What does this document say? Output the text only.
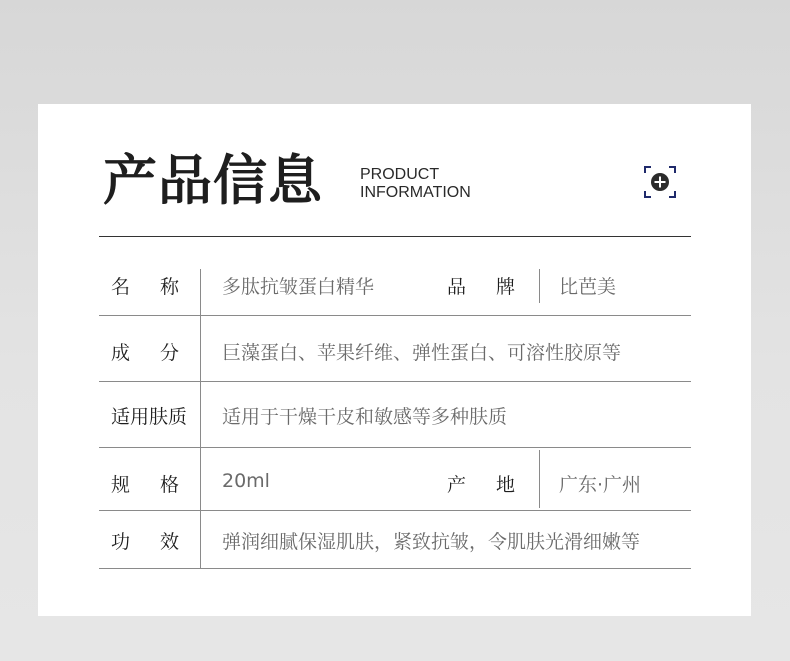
产品信息 PRODUCT
INFORMATION
名称 多肽抗皱蛋白精华	品牌 比芭美
成分 巨藻蛋白、苹果纤维、弹性蛋白、可溶性胶原等
适用肤质 适用于干燥干皮和敏感等多种肤质
规格 20ml	产地 广东·广州
功效 弹润细腻保湿肌肤，紧致抗皱，令肌肤光滑细嫩等
